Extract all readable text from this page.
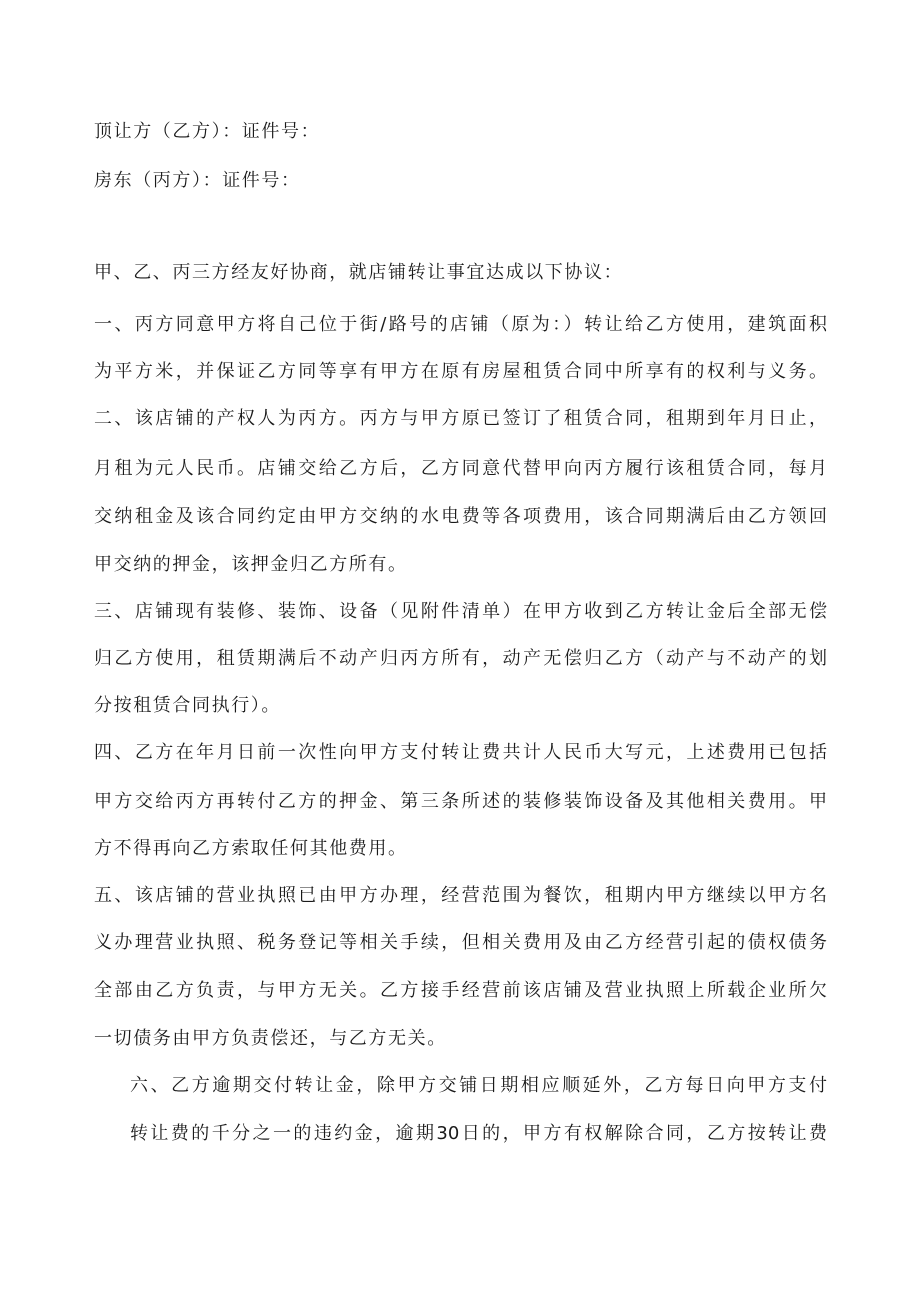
顶让方（乙方）：证件号：
房东（丙方）：证件号：
甲、乙、丙三方经友好协商，就店铺转让事宜达成以下协议：
一、丙方同意甲方将自己位于街/路号的店铺（原为：）转让给乙方使用，建筑面积
为平方米，并保证乙方同等享有甲方在原有房屋租赁合同中所享有的权利与义务。
二、该店铺的产权人为丙方。丙方与甲方原已签订了租赁合同，租期到年月日止，
月租为元人民币。店铺交给乙方后，乙方同意代替甲向丙方履行该租赁合同，每月
交纳租金及该合同约定由甲方交纳的水电费等各项费用，该合同期满后由乙方领回
甲交纳的押金，该押金归乙方所有。
三、店铺现有装修、装饰、设备（见附件清单）在甲方收到乙方转让金后全部无偿
归乙方使用，租赁期满后不动产归丙方所有，动产无偿归乙方（动产与不动产的划
分按租赁合同执行）。
四、乙方在年月日前一次性向甲方支付转让费共计人民币大写元，上述费用已包括
甲方交给丙方再转付乙方的押金、第三条所述的装修装饰设备及其他相关费用。甲
方不得再向乙方索取任何其他费用。
五、该店铺的营业执照已由甲方办理，经营范围为餐饮，租期内甲方继续以甲方名
义办理营业执照、税务登记等相关手续，但相关费用及由乙方经营引起的债权债务
全部由乙方负责，与甲方无关。乙方接手经营前该店铺及营业执照上所载企业所欠
一切债务由甲方负责偿还，与乙方无关。
六、乙方逾期交付转让金，除甲方交铺日期相应顺延外，乙方每日向甲方支付
转让费的千分之一的违约金，逾期30日的，甲方有权解除合同，乙方按转让费
